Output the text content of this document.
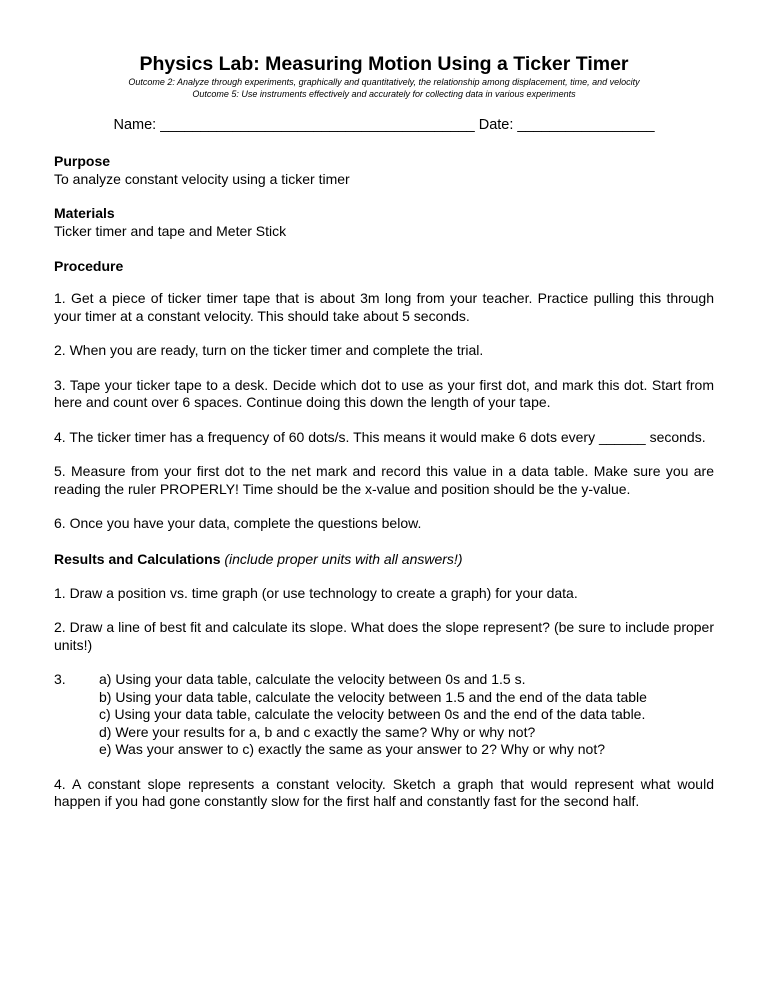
Physics Lab: Measuring Motion Using a Ticker Timer

Outcome 2: Analyze through experiments, graphically and quantitatively, the relationship among displacement, time, and velocity

Outcome 5: Use instruments effectively and accurately for collecting data in various experiments

Name: _______________________________________ Date: _________________

Purpose

To analyze constant velocity using a ticker timer

Materials

Ticker timer and tape and Meter Stick

Procedure

1. Get a piece of ticker timer tape that is about 3m long from your teacher. Practice pulling this through your timer at a constant velocity. This should take about 5 seconds.

2. When you are ready, turn on the ticker timer and complete the trial.

3. Tape your ticker tape to a desk. Decide which dot to use as your first dot, and mark this dot. Start from here and count over 6 spaces. Continue doing this down the length of your tape.

4. The ticker timer has a frequency of 60 dots/s. This means it would make 6 dots every ______ seconds.

5. Measure from your first dot to the net mark and record this value in a data table. Make sure you are reading the ruler PROPERLY! Time should be the x-value and position should be the y-value.

6. Once you have your data, complete the questions below.

Results and Calculations (include proper units with all answers!)

1. Draw a position vs. time graph (or use technology to create a graph) for your data.

2. Draw a line of best fit and calculate its slope. What does the slope represent? (be sure to include proper units!)

3.	a) Using your data table, calculate the velocity between 0s and 1.5 s.
b) Using your data table, calculate the velocity between 1.5 and the end of the data table
c) Using your data table, calculate the velocity between 0s and the end of the data table.
d) Were your results for a, b and c exactly the same? Why or why not?
e) Was your answer to c) exactly the same as your answer to 2? Why or why not?

4. A constant slope represents a constant velocity. Sketch a graph that would represent what would happen if you had gone constantly slow for the first half and constantly fast for the second half.
